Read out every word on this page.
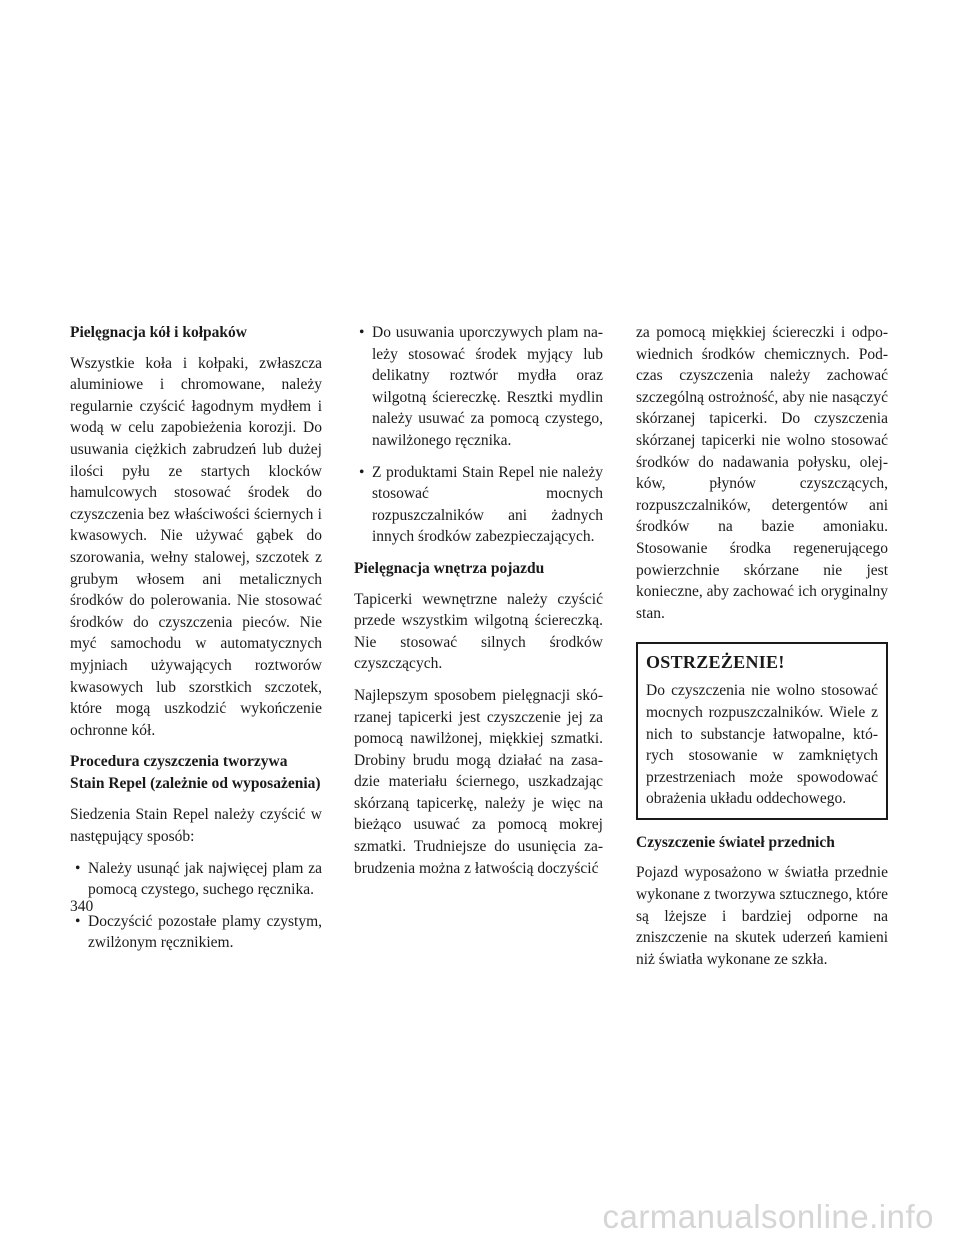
Pielęgnacja kół i kołpaków

Wszystkie koła i kołpaki, zwłaszcza aluminiowe i chromowane, należy regularnie czyścić łagodnym mydłem i wodą w celu zapobieżenia korozji. Do usuwania ciężkich zabrudzeń lub dużej ilości pyłu ze startych klocków hamulcowych stosować środek do czyszczenia bez właściwości ściernych i kwasowych. Nie używać gąbek do szorowania, wełny stalowej, szczotek z grubym włosem ani metalicznych środków do polerowania. Nie stosować środków do czyszczenia pieców. Nie myć samochodu w automatycznych myjniach używających roztworów kwasowych lub szorstkich szczotek, które mogą uszkodzić wykończenie ochronne kół.

Procedura czyszczenia tworzywa
Stain Repel (zależnie od wyposażenia)

Siedzenia Stain Repel należy czyścić w następujący sposób:

• Należy usunąć jak najwięcej plam za pomocą czystego, suchego ręcznika.
• Doczyścić pozostałe plamy czystym, zwilżonym ręcznikiem.
• Do usuwania uporczywych plam należy stosować środek myjący lub delikatny roztwór mydła oraz wilgotną ściereczkę. Resztki mydlin należy usuwać za pomocą czystego, nawilżonego ręcznika.
• Z produktami Stain Repel nie należy stosować mocnych rozpuszczalników ani żadnych innych środków zabezpieczających.
Pielęgnacja wnętrza pojazdu

Tapicerki wewnętrzne należy czyścić przede wszystkim wilgotną ściereczką. Nie stosować silnych środków czyszczących.

Najlepszym sposobem pielęgnacji skórzanej tapicerki jest czyszczenie jej za pomocą nawilżonej, miękkiej szmatki. Drobiny brudu mogą działać na zasadzie materiału ściernego, uszkadzając skórzaną tapicerkę, należy je więc na bieżąco usuwać za pomocą mokrej szmatki. Trudniejsze do usunięcia zabrudzenia można z łatwością doczyścić

za pomocą miękkiej ściereczki i odpowiednich środków chemicznych. Podczas czyszczenia należy zachować szczególną ostrożność, aby nie nasączyć skórzanej tapicerki. Do czyszczenia skórzanej tapicerki nie wolno stosować środków do nadawania połysku, olejków, płynów czyszczących, rozpuszczalników, detergentów ani środków na bazie amoniaku. Stosowanie środka regenerującego powierzchnie skórzane nie jest konieczne, aby zachować ich oryginalny stan.

OSTRZEŻENIE!

Do czyszczenia nie wolno stosować mocnych rozpuszczalników. Wiele z nich to substancje łatwopalne, których stosowanie w zamkniętych przestrzeniach może spowodować obrażenia układu oddechowego.

Czyszczenie świateł przednich

Pojazd wyposażono w światła przednie wykonane z tworzywa sztucznego, które są lżejsze i bardziej odporne na zniszczenie na skutek uderzeń kamieni niż światła wykonane ze szkła.

340
carmanualsonline.info
